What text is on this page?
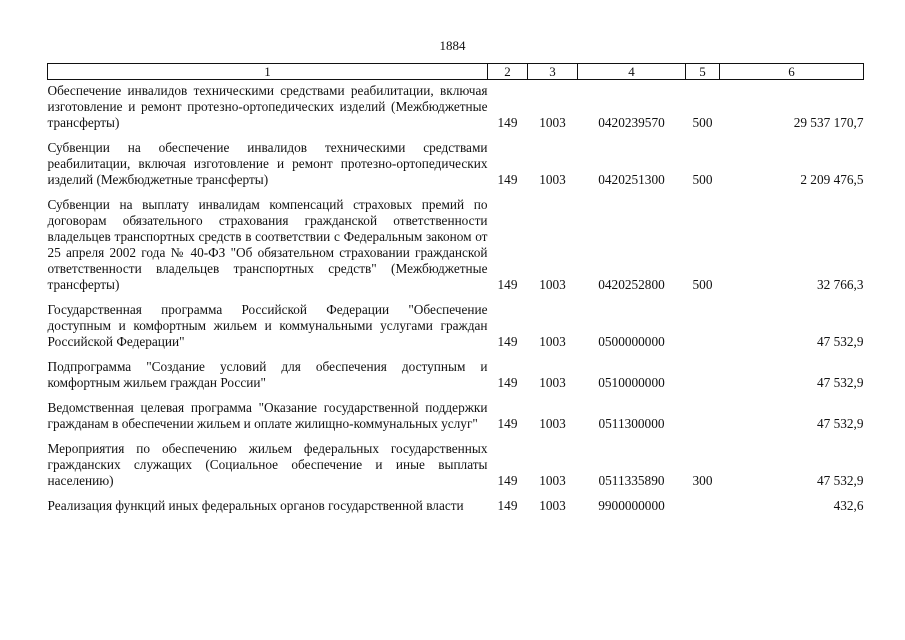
1884
1	2	3	4	5	6
Обеспечение инвалидов техническими средствами реабилитации, включая изготовление и ремонт протезно-ортопедических изделий (Межбюджетные трансферты)	149	1003	0420239570	500	29 537 170,7
Субвенции на обеспечение инвалидов техническими средствами реабилитации, включая изготовление и ремонт протезно-ортопедических изделий (Межбюджетные трансферты)	149	1003	0420251300	500	2 209 476,5
Субвенции на выплату инвалидам компенсаций страховых премий по договорам обязательного страхования гражданской ответственности владельцев транспортных средств в соответствии с Федеральным законом от 25 апреля 2002 года № 40-ФЗ "Об обязательном страховании гражданской ответственности владельцев транспортных средств" (Межбюджетные трансферты)	149	1003	0420252800	500	32 766,3
Государственная программа Российской Федерации "Обеспечение доступным и комфортным жильем и коммунальными услугами граждан Российской Федерации"	149	1003	0500000000		47 532,9
Подпрограмма "Создание условий для обеспечения доступным и комфортным жильем граждан России"	149	1003	0510000000		47 532,9
Ведомственная целевая программа "Оказание государственной поддержки гражданам в обеспечении жильем и оплате жилищно-коммунальных услуг"	149	1003	0511300000		47 532,9
Мероприятия по обеспечению жильем федеральных государственных гражданских служащих (Социальное обеспечение и иные выплаты населению)	149	1003	0511335890	300	47 532,9
Реализация функций иных федеральных органов государственной власти	149	1003	9900000000		432,6
